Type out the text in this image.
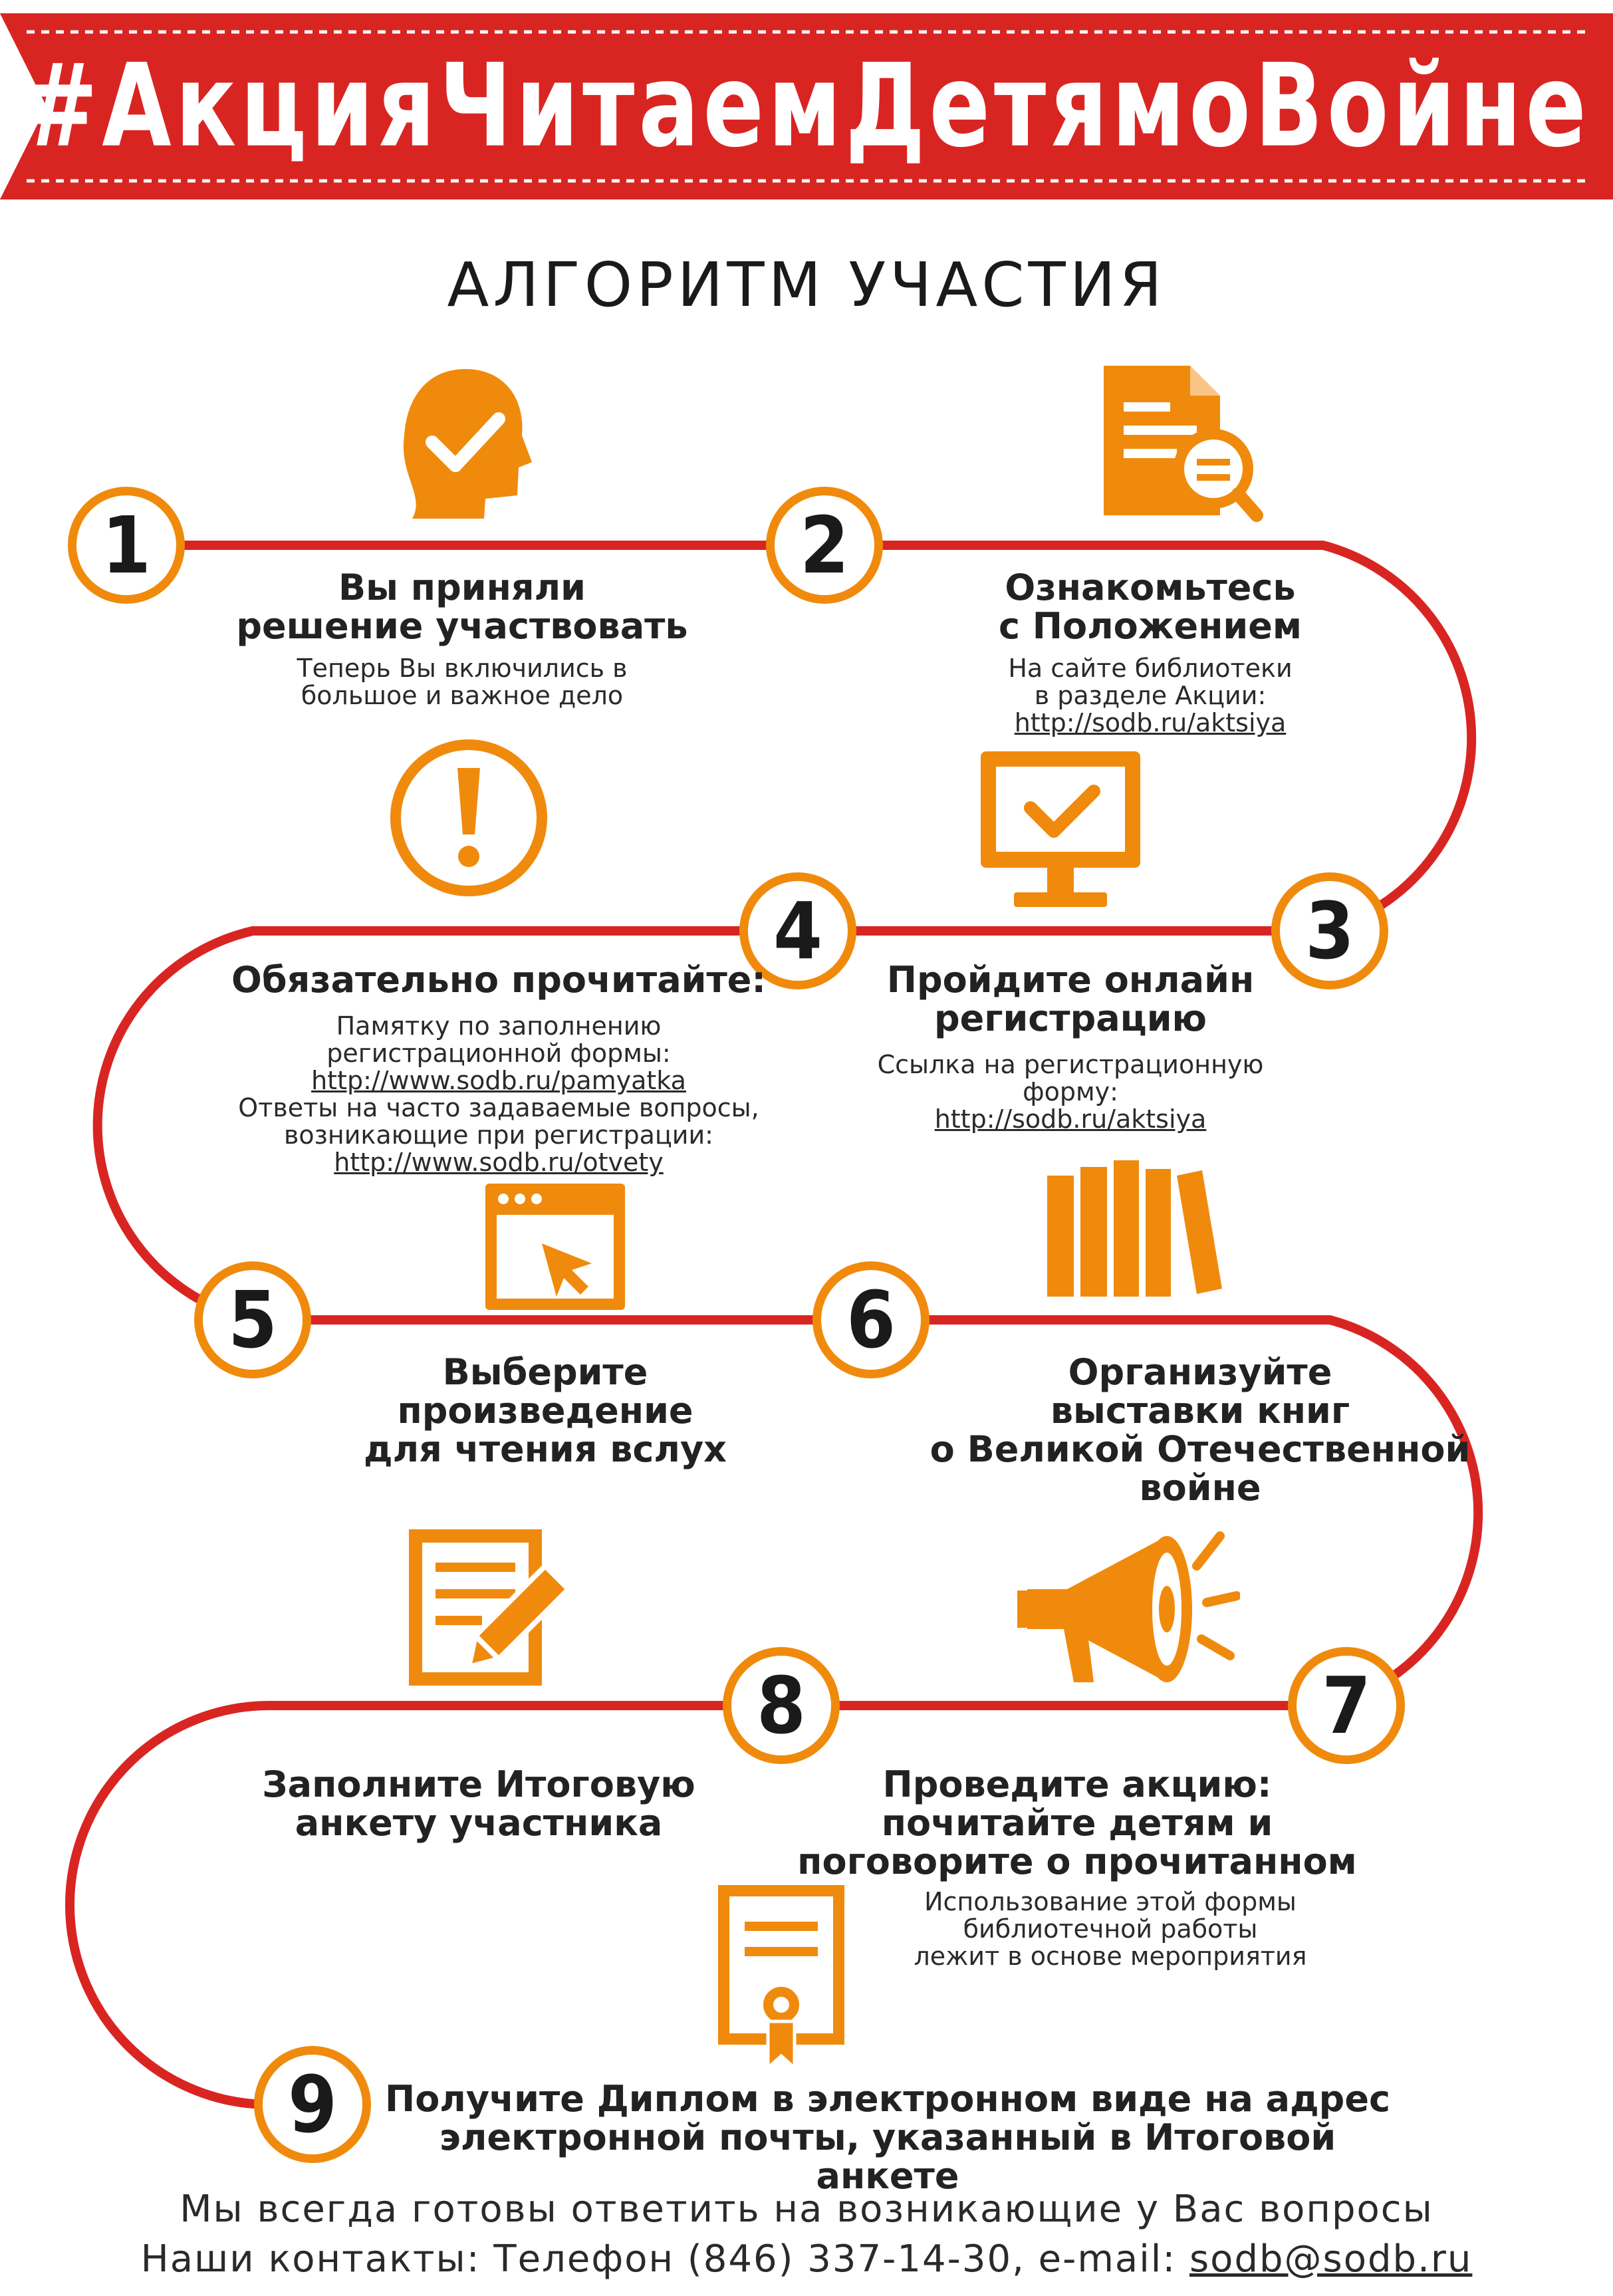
#АкцияЧитаемДетямоВойне
АЛГОРИТМ УЧАСТИЯ
1	2
3
4
5	6
7
8
9
Вы приняли
решение участвовать
Теперь Вы включились в
большое и важное дело
Ознакомьтесь
с Положением
На сайте библиотеки
в разделе Акции:
http://sodb.ru/aktsiya
Обязательно прочитайте:
Памятку по заполнению
регистрационной формы:
http://www.sodb.ru/pamyatka
Ответы на часто задаваемые вопросы,
возникающие при регистрации:
http://www.sodb.ru/otvety
Пройдите онлайн
регистрацию
Ссылка на регистрационную
форму:
http://sodb.ru/aktsiya
Выберите
произведение
для чтения вслух
Организуйте
выставки книг
о Великой Отечественной
войне
Заполните Итоговую
анкету участника
Проведите акцию:
почитайте детям и
поговорите о прочитанном
Использование этой формы
библиотечной работы
лежит в основе мероприятия
Получите Диплом в электронном виде на адрес
электронной почты, указанный в Итоговой анкете
Мы всегда готовы ответить на возникающие у Вас вопросы
Наши контакты: Телефон (846) 337-14-30, e-mail: sodb@sodb.ru
